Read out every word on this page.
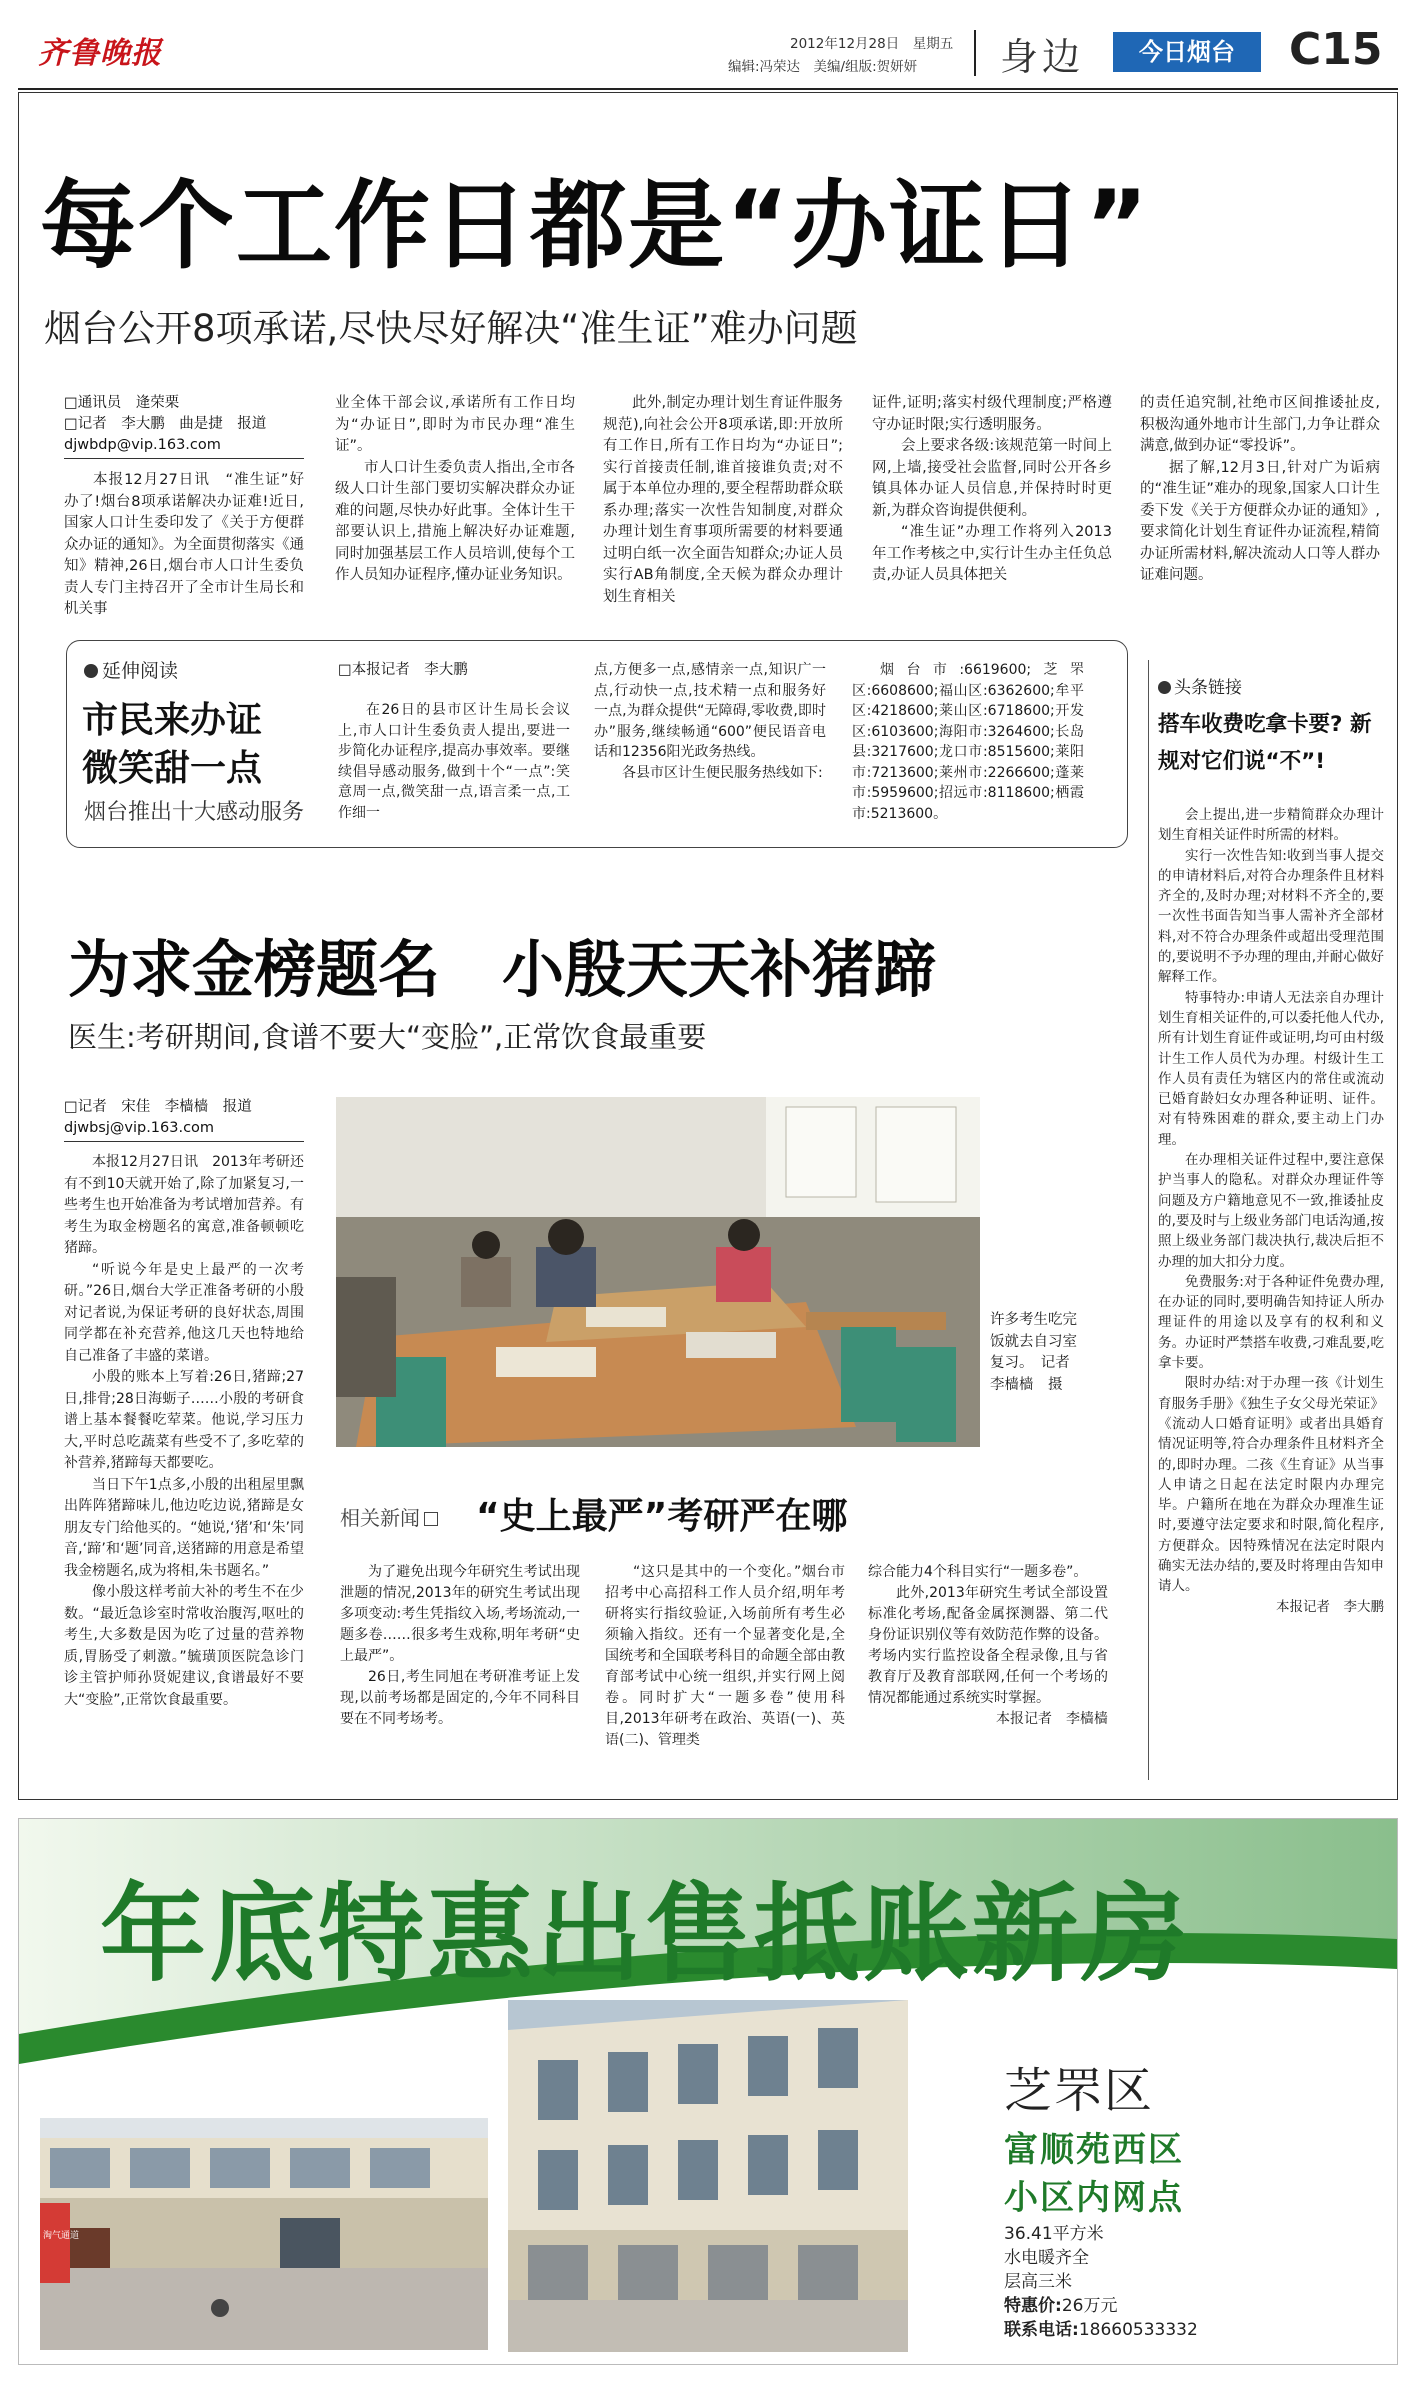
齐鲁晚报	2012年12月28日　 星期五
编辑:冯荣达　美编/组版:贺妍妍 身边	今日烟台	C15
每个工作日都是“办证日”
烟台公开8项承诺,尽快尽好解决“准生证”难办问题
□通讯员　逄荣栗
□记者　李大鹏　曲是捷　报道
djwbdp@vip.163.com

本报12月27日讯　“准生证”好办了!烟台8项承诺解决办证难!近日,国家人口计生委印发了《关于方便群众办证的通知》。为全面贯彻落实《通知》精神,26日,烟台市人口计生委负责人专门主持召开了全市计生局长和机关事

业全体干部会议,承诺所有工作日均为“办证日”,即时为市民办理“准生证”。

市人口计生委负责人指出,全市各级人口计生部门要切实解决群众办证难的问题,尽快办好此事。全体计生干部要认识上,措施上解决好办证难题,同时加强基层工作人员培训,使每个工作人员知办证程序,懂办证业务知识。

此外,制定办理计划生育证件服务规范),向社会公开8项承诺,即:开放所有工作日,所有工作日均为“办证日”;实行首接责任制,谁首接谁负责;对不属于本单位办理的,要全程帮助群众联系办理;落实一次性告知制度,对群众办理计划生育事项所需要的材料要通过明白纸一次全面告知群众;办证人员实行AB角制度,全天候为群众办理计划生育相关

证件,证明;落实村级代理制度;严格遵守办证时限;实行透明服务。

会上要求各级:该规范第一时间上网,上墙,接受社会监督,同时公开各乡镇具体办证人员信息,并保持时时更新,为群众咨询提供便利。

“准生证”办理工作将列入2013年工作考核之中,实行计生办主任负总责,办证人员具体把关

的责任追究制,社绝市区间推诿扯皮,积极沟通外地市计生部门,力争让群众满意,做到办证“零投诉”。

据了解,12月3日,针对广为诟病的“准生证”难办的现象,国家人口计生委下发《关于方便群众办证的通知》,要求简化计划生育证件办证流程,精简办证所需材料,解决流动人口等人群办证难问题。

延伸阅读
市民来办证
微笑甜一点
烟台推出十大感动服务
□本报记者　李大鹏

在26日的县市区计生局长会议上,市人口计生委负责人提出,要进一步简化办证程序,提高办事效率。要继续倡导感动服务,做到十个“一点”:笑意周一点,微笑甜一点,语言柔一点,工作细一

点,方便多一点,感情亲一点,知识广一点,行动快一点,技术精一点和服务好一点,为群众提供“无障碍,零收费,即时办”服务,继续畅通“600”便民语音电话和12356阳光政务热线。

各县市区计生便民服务热线如下:

烟台市:6619600;芝罘区:6608600;福山区:6362600;牟平区:4218600;莱山区:6718600;开发区:6103600;海阳市:3264600;长岛县:3217600;龙口市:8515600;莱阳市:7213600;莱州市:2266600;蓬莱市:5959600;招远市:8118600;栖霞市:5213600。

头条链接
搭车收费吃拿卡要? 新规对它们说“不”!

会上提出,进一步精简群众办理计划生育相关证件时所需的材料。

实行一次性告知:收到当事人提交的申请材料后,对符合办理条件且材料齐全的,及时办理;对材料不齐全的,要一次性书面告知当事人需补齐全部材料,对不符合办理条件或超出受理范围的,要说明不予办理的理由,并耐心做好解释工作。

特事特办:申请人无法亲自办理计划生育相关证件的,可以委托他人代办,所有计划生育证件或证明,均可由村级计生工作人员代为办理。村级计生工作人员有责任为辖区内的常住或流动已婚育龄妇女办理各种证明、证件。对有特殊困难的群众,要主动上门办理。

在办理相关证件过程中,要注意保护当事人的隐私。对群众办理证件等问题及方户籍地意见不一致,推诿扯皮的,要及时与上级业务部门电话沟通,按照上级业务部门裁决执行,裁决后拒不办理的加大扣分力度。

免费服务:对于各种证件免费办理,在办证的同时,要明确告知持证人所办理证件的用途以及享有的权利和义务。办证时严禁搭车收费,刁难乱要,吃拿卡要。

限时办结:对于办理一孩《计划生育服务手册》《独生子女父母光荣证》《流动人口婚育证明》或者出具婚育情况证明等,符合办理条件且材料齐全的,即时办理。二孩《生育证》从当事人申请之日起在法定时限内办理完毕。户籍所在地在为群众办理准生证时,要遵守法定要求和时限,简化程序,方便群众。因特殊情况在法定时限内确实无法办结的,要及时将理由告知申请人。

本报记者　李大鹏

为求金榜题名　小殷天天补猪蹄
医生:考研期间,食谱不要大“变脸”,正常饮食最重要
□记者　宋佳　李樯樯　报道
djwbsj@vip.163.com

本报12月27日讯　2013年考研还有不到10天就开始了,除了加紧复习,一些考生也开始准备为考试增加营养。有考生为取金榜题名的寓意,准备顿顿吃猪蹄。

“听说今年是史上最严的一次考研。”26日,烟台大学正准备考研的小殷对记者说,为保证考研的良好状态,周围同学都在补充营养,他这几天也特地给自己准备了丰盛的菜谱。

小殷的账本上写着:26日,猪蹄;27日,排骨;28日海蛎子……小殷的考研食谱上基本餐餐吃荤菜。他说,学习压力大,平时总吃蔬菜有些受不了,多吃荤的补营养,猪蹄每天都要吃。

当日下午1点多,小殷的出租屋里飘出阵阵猪蹄味儿,他边吃边说,猪蹄是女朋友专门给他买的。“她说,‘猪’和‘朱’同音,‘蹄’和‘题’同音,送猪蹄的用意是希望我金榜题名,成为将相,朱书题名。”

像小殷这样考前大补的考生不在少数。“最近急诊室时常收治腹泻,呕吐的考生,大多数是因为吃了过量的营养物质,胃肠受了刺激。”毓璜顶医院急诊门诊主管护师孙贤妮建议,食谱最好不要大“变脸”,正常饮食最重要。

许多考生吃完饭就去自习室复习。　记者　李樯樯　摄

相关新闻	“史上最严”考研严在哪

为了避免出现今年研究生考试出现泄题的情况,2013年的研究生考试出现多项变动:考生凭指纹入场,考场流动,一题多卷……很多考生戏称,明年考研“史上最严”。

26日,考生同旭在考研准考证上发现,以前考场都是固定的,今年不同科目要在不同考场考。

“这只是其中的一个变化。”烟台市招考中心高招科工作人员介绍,明年考研将实行指纹验证,入场前所有考生必须输入指纹。还有一个显著变化是,全国统考和全国联考科目的命题全部由教育部考试中心统一组织,并实行网上阅卷。同时扩大“一题多卷”使用科目,2013年研考在政治、英语(一)、英语(二)、管理类

综合能力4个科目实行“一题多卷”。

此外,2013年研究生考试全部设置标准化考场,配备金属探测器、第二代身份证识别仪等有效防范作弊的设备。考场内实行监控设备全程录像,且与省教育厅及教育部联网,任何一个考场的情况都能通过系统实时掌握。

本报记者　李樯樯

年底特惠出售抵账新房
淘气通道
芝罘区
富顺苑西区
小区内网点
36.41平方米
水电暖齐全
层高三米
特惠价:26万元
联系电话:18660533332
